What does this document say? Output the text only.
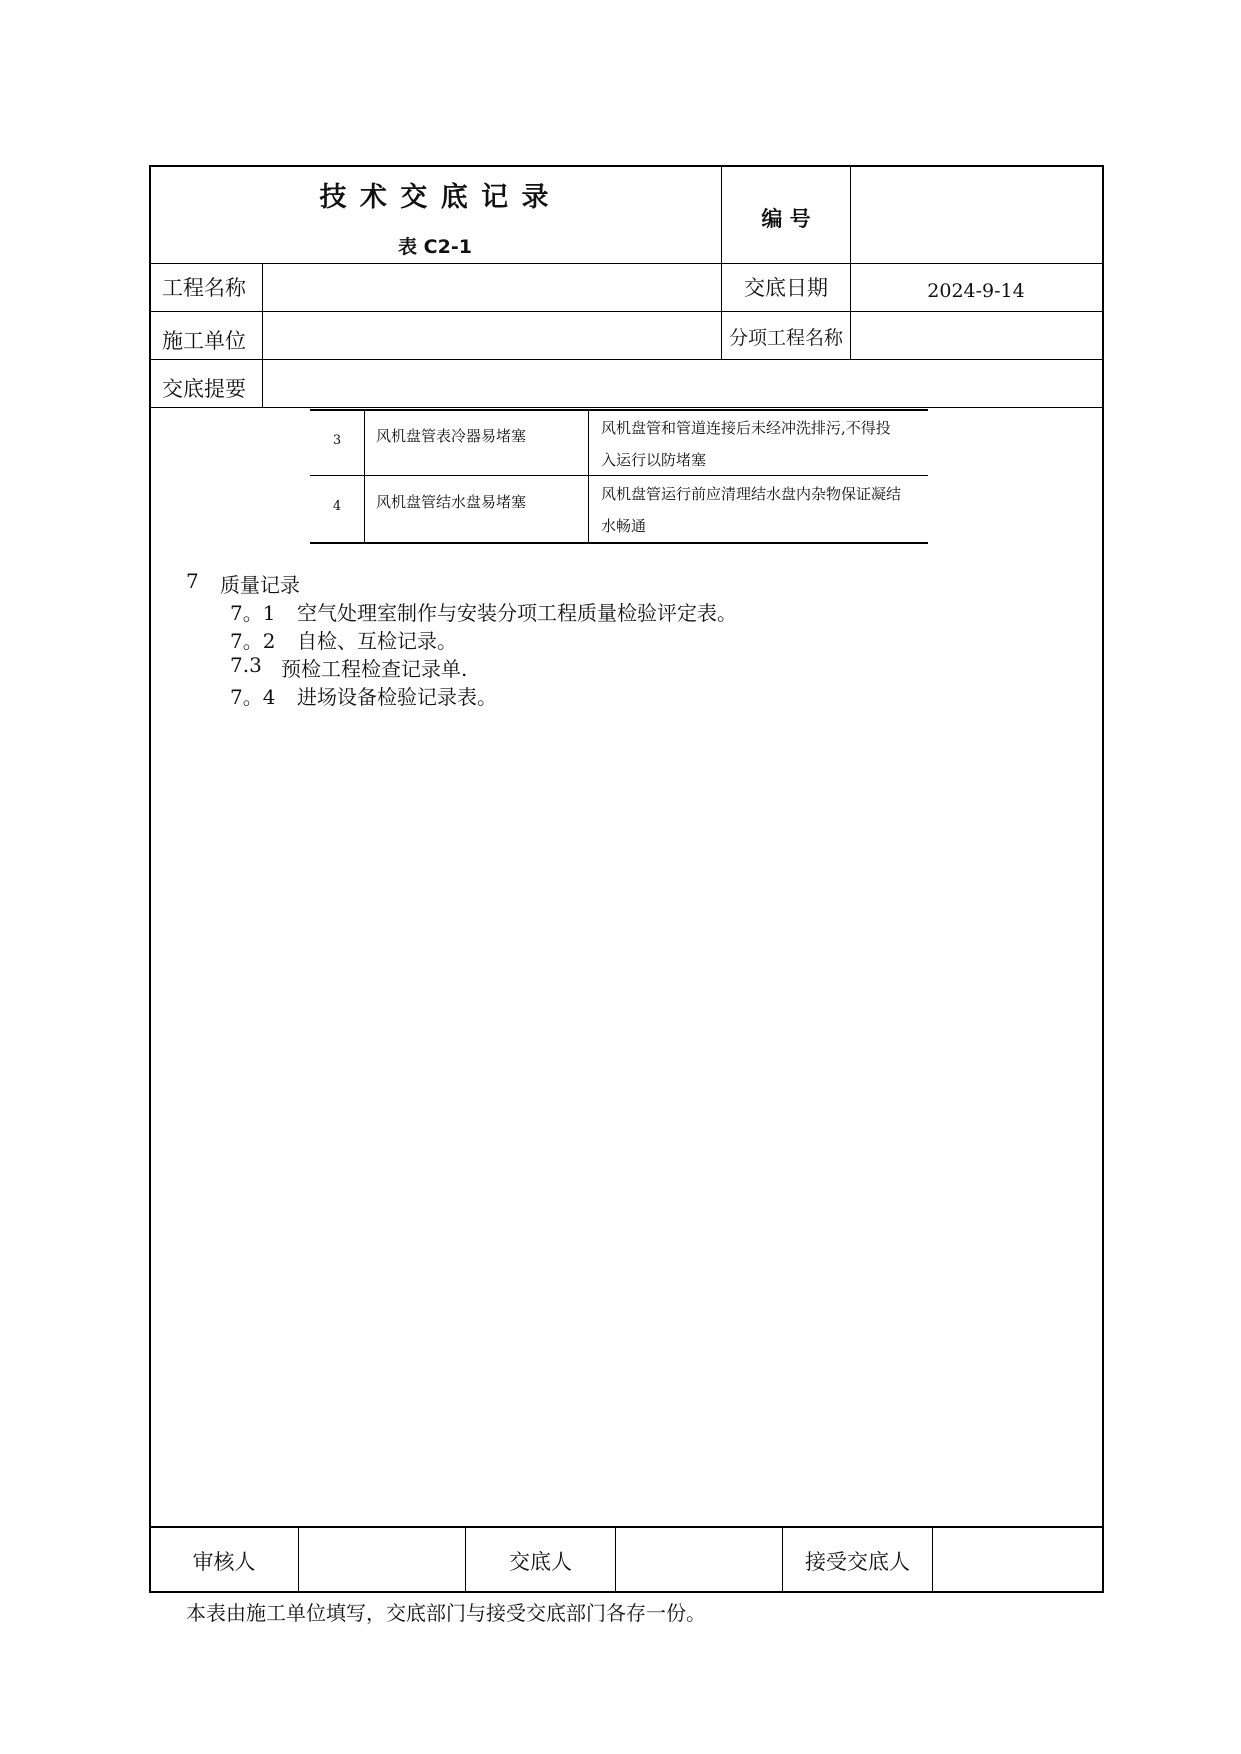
技 术 交 底 记 录
表 C2-1
编 号
工程名称	交底日期	2024-9-14
施工单位	分项工程名称
交底提要
3	风机盘管表冷器易堵塞	风机盘管和管道连接后未经冲洗排污,不得投
入运行以防堵塞
4	风机盘管结水盘易堵塞	风机盘管运行前应清理结水盘内杂物保证凝结
水畅通
7 质量记录
7。1 空气处理室制作与安装分项工程质量检验评定表。
7。2 自检、互检记录。
7.3 预检工程检查记录单.
7。4 进场设备检验记录表。
审核人	交底人	接受交底人
本表由施工单位填写，交底部门与接受交底部门各存一份。
